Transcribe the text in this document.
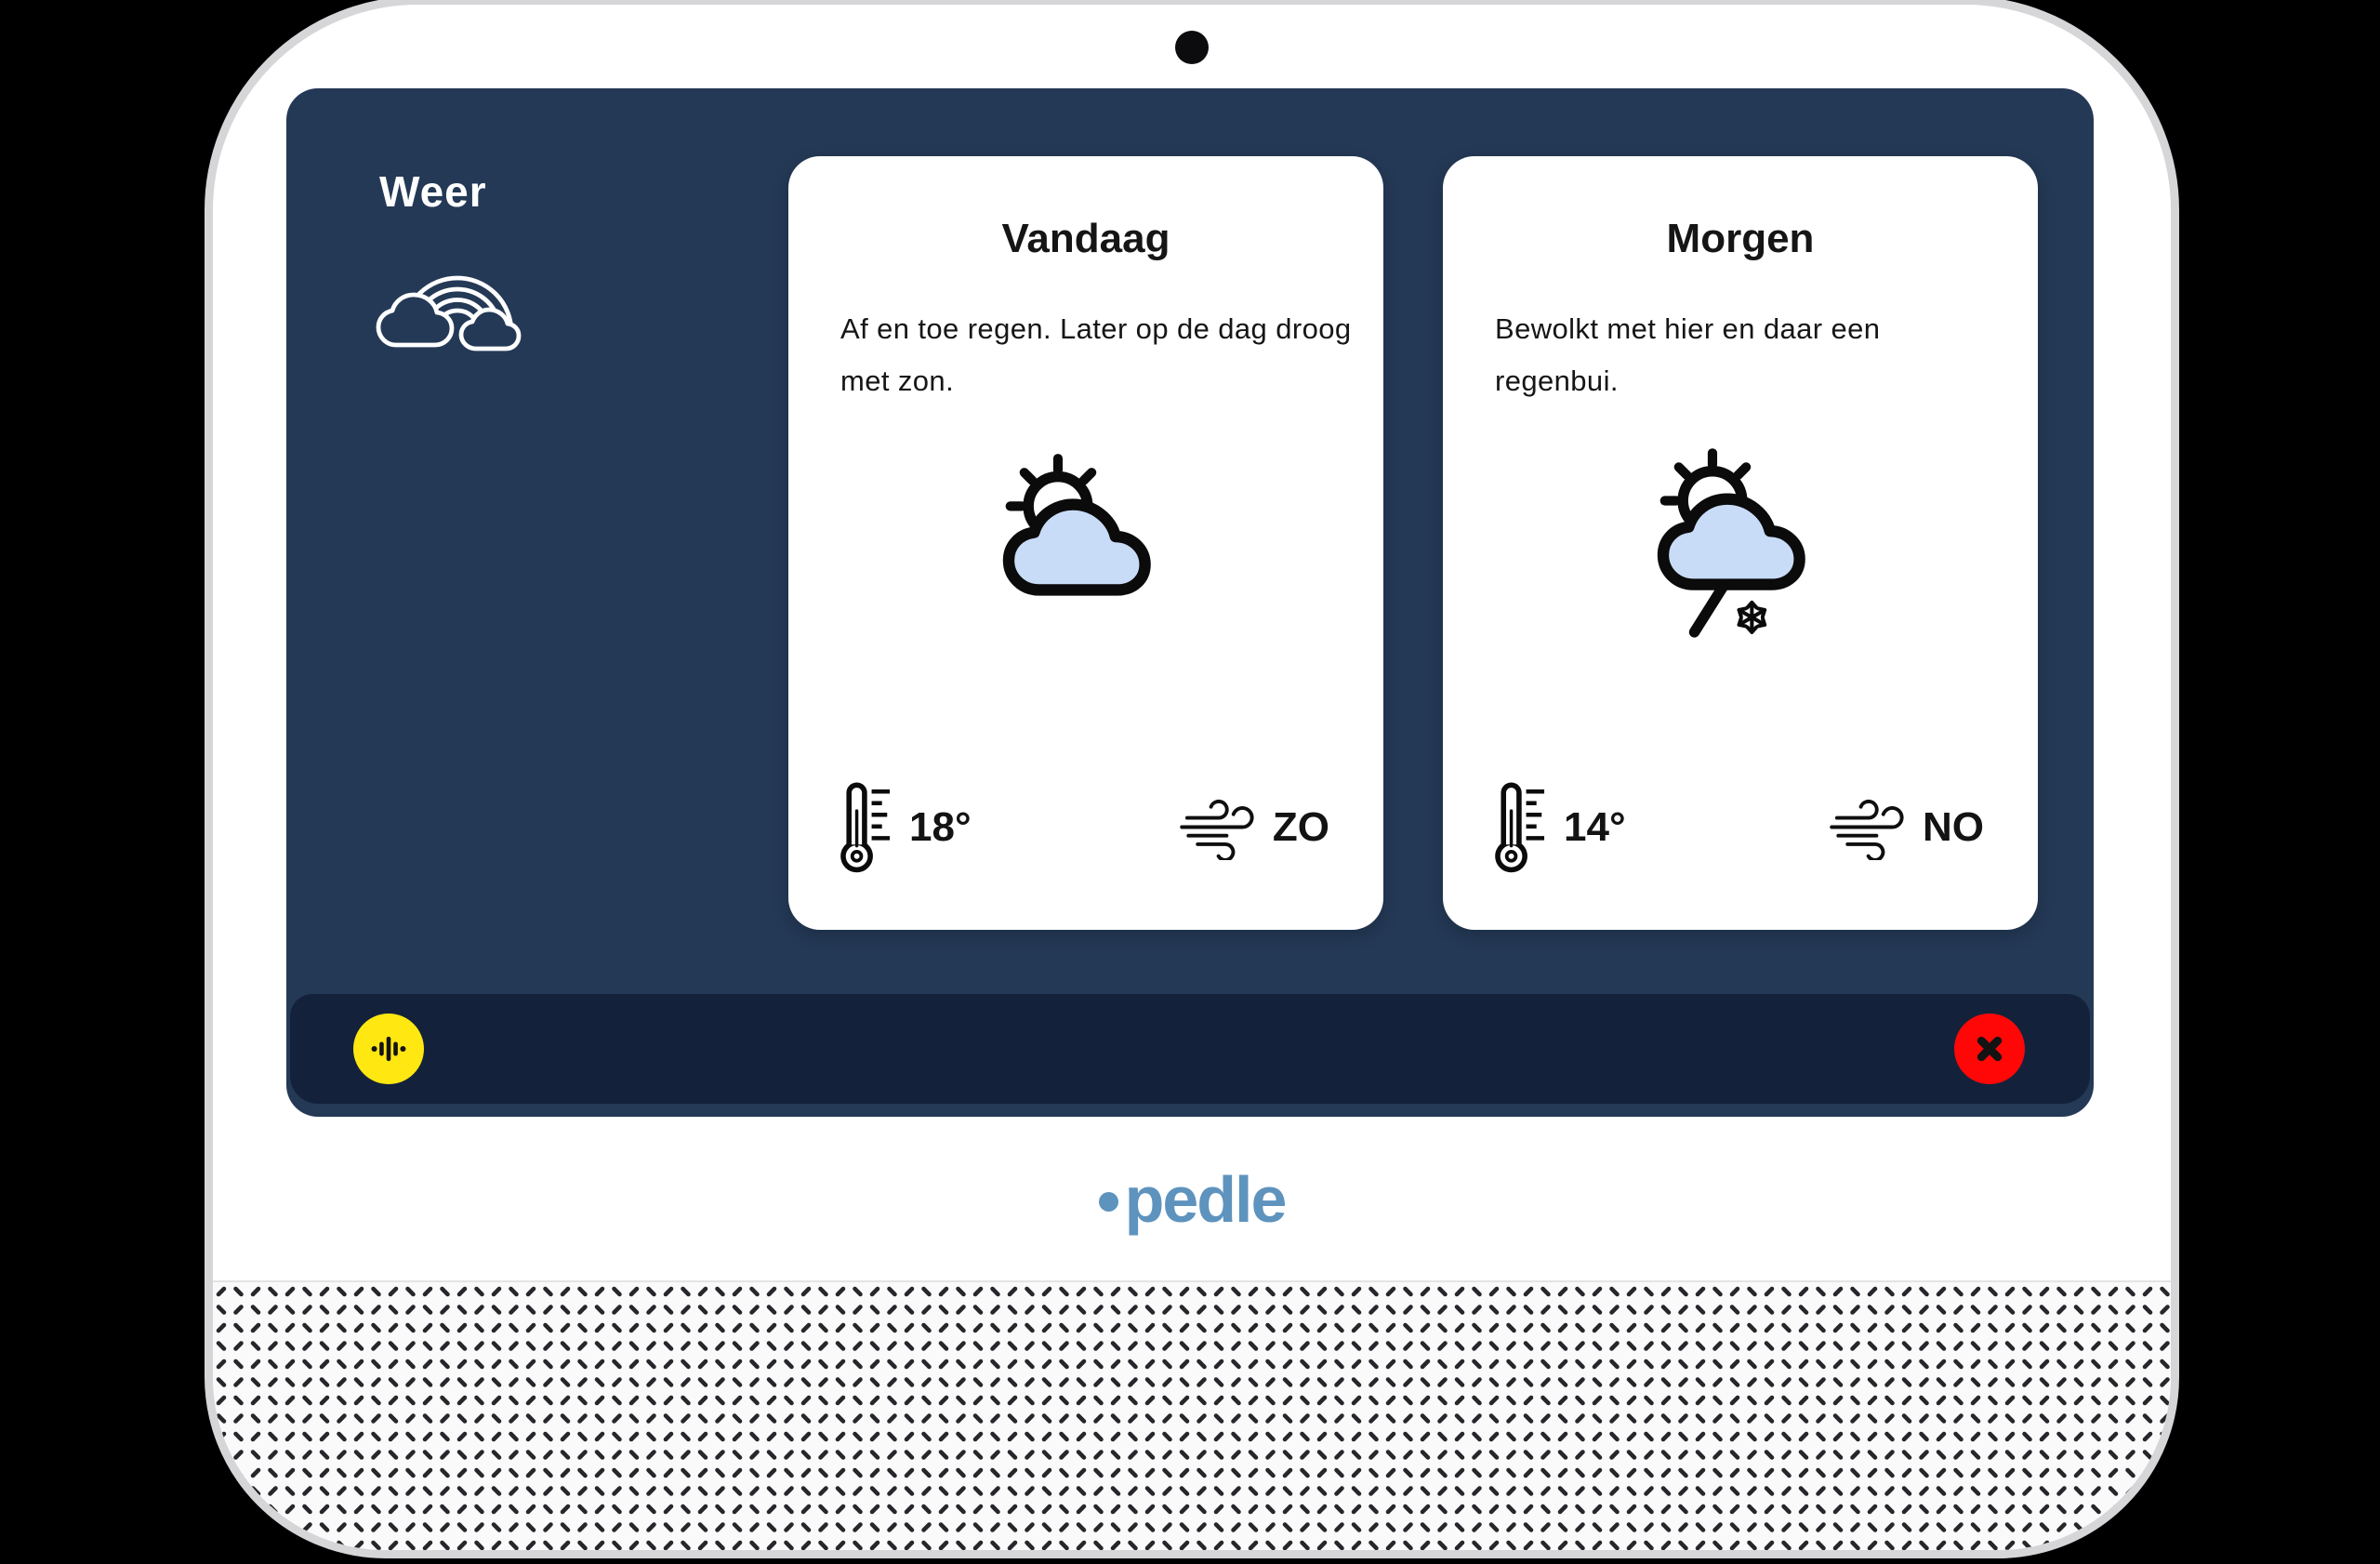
Weer
Vandaag
Af en toe regen. Later op de dag droog met zon.
18°	ZO
Morgen
Bewolkt met hier en daar een regenbui.
14°	NO
pedle
